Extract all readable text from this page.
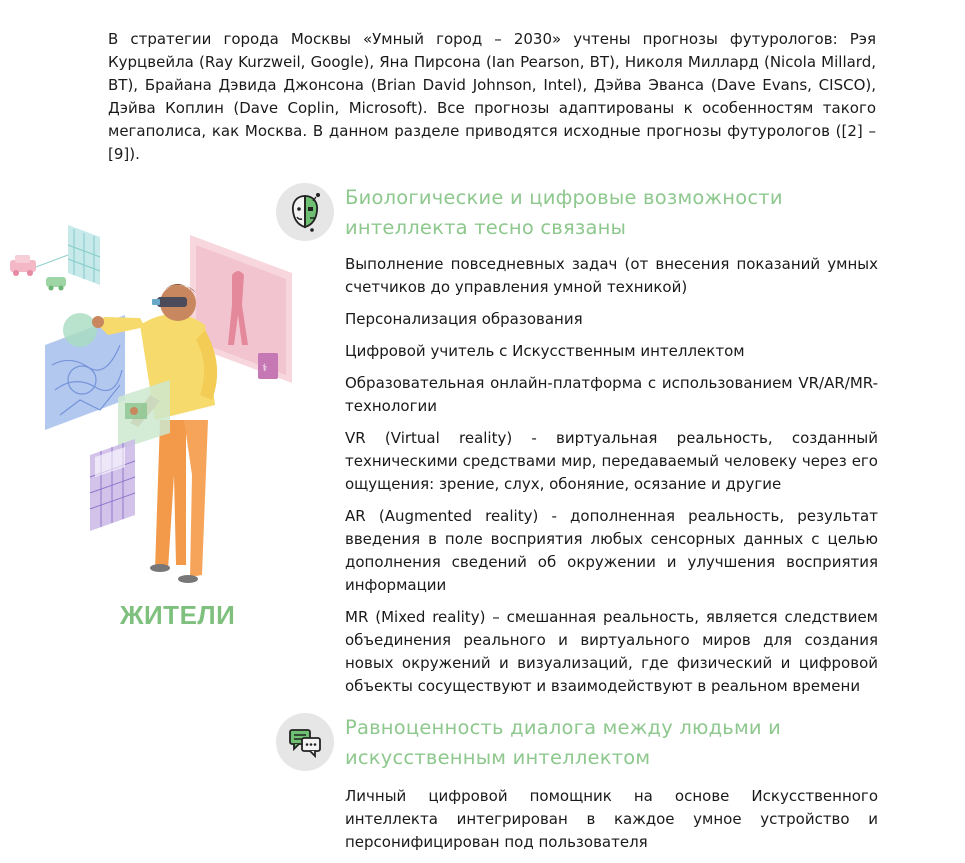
В стратегии города Москвы «Умный город – 2030» учтены прогнозы футурологов: Рэя Курцвейла (Ray Kurzweil, Google), Яна Пирсона (Ian Pearson, BT), Николя Миллард (Nicola Millard, BT), Брайана Дэвида Джонсона (Brian David Johnson, Intel), Дэйва Эванса (Dave Evans, CISCO), Дэйва Коплин (Dave Coplin, Microsoft). Все прогнозы адаптированы к особенностям такого мегаполиса, как Москва. В данном разделе приводятся исходные прогнозы футурологов ([2] – [9]).

⚕

ЖИТЕЛИ

Биологические и цифровые возможности интеллекта тесно связаны

Выполнение повседневных задач (от внесения показаний умных счетчиков до управления умной техникой)

Персонализация образования

Цифровой учитель с Искусственным интеллектом

Образовательная онлайн-платформа с использованием VR/AR/MR-технологии

VR (Virtual reality) - виртуальная реальность, созданный техническими средствами мир, передаваемый человеку через его ощущения: зрение, слух, обоняние, осязание и другие

AR (Augmented reality) - дополненная реальность, результат введения в поле восприятия любых сенсорных данных с целью дополнения сведений об окружении и улучшения восприятия информации

MR (Mixed reality) – смешанная реальность, является следствием объединения реального и виртуального миров для создания новых окружений и визуализаций, где физический и цифровой объекты сосуществуют и взаимодействуют в реальном времени

Равноценность диалога между людьми и искусственным интеллектом

Личный цифровой помощник на основе Искусственного интеллекта интегрирован в каждое умное устройство и персонифицирован под пользователя
